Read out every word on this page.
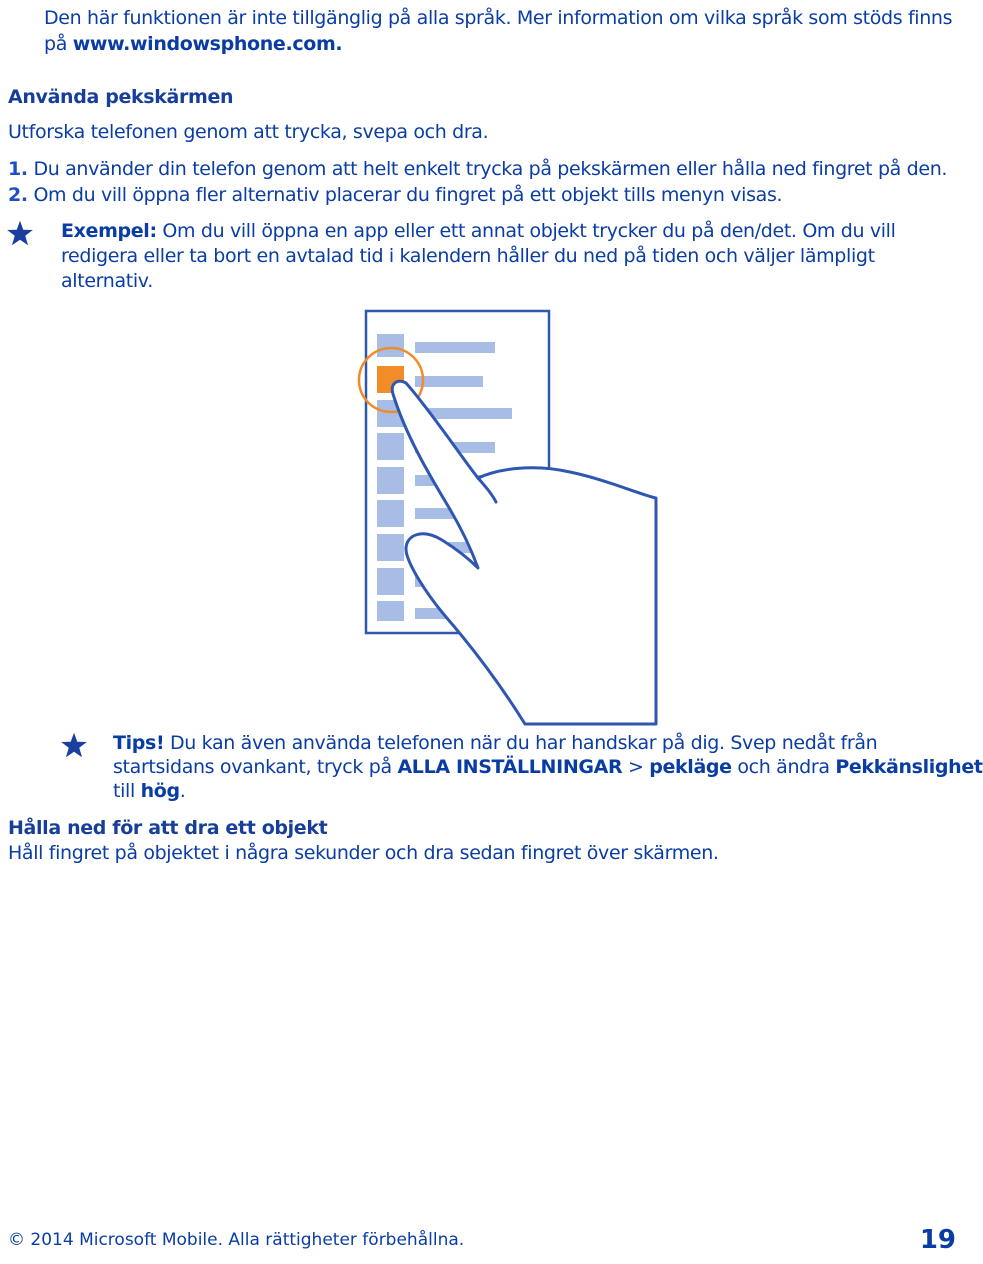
Den här funktionen är inte tillgänglig på alla språk. Mer information om vilka språk som stöds finns
på www.windowsphone.com.
Använda pekskärmen
Utforska telefonen genom att trycka, svepa och dra.
1. Du använder din telefon genom att helt enkelt trycka på pekskärmen eller hålla ned fingret på den.
2. Om du vill öppna fler alternativ placerar du fingret på ett objekt tills menyn visas.
Exempel: Om du vill öppna en app eller ett annat objekt trycker du på den/det. Om du vill
redigera eller ta bort en avtalad tid i kalendern håller du ned på tiden och väljer lämpligt
alternativ.
Tips! Du kan även använda telefonen när du har handskar på dig. Svep nedåt från
startsidans ovankant, tryck på ALLA INSTÄLLNINGAR > pekläge och ändra Pekkänslighet
till hög.
Hålla ned för att dra ett objekt
Håll fingret på objektet i några sekunder och dra sedan fingret över skärmen.
© 2014 Microsoft Mobile. Alla rättigheter förbehållna.	19
